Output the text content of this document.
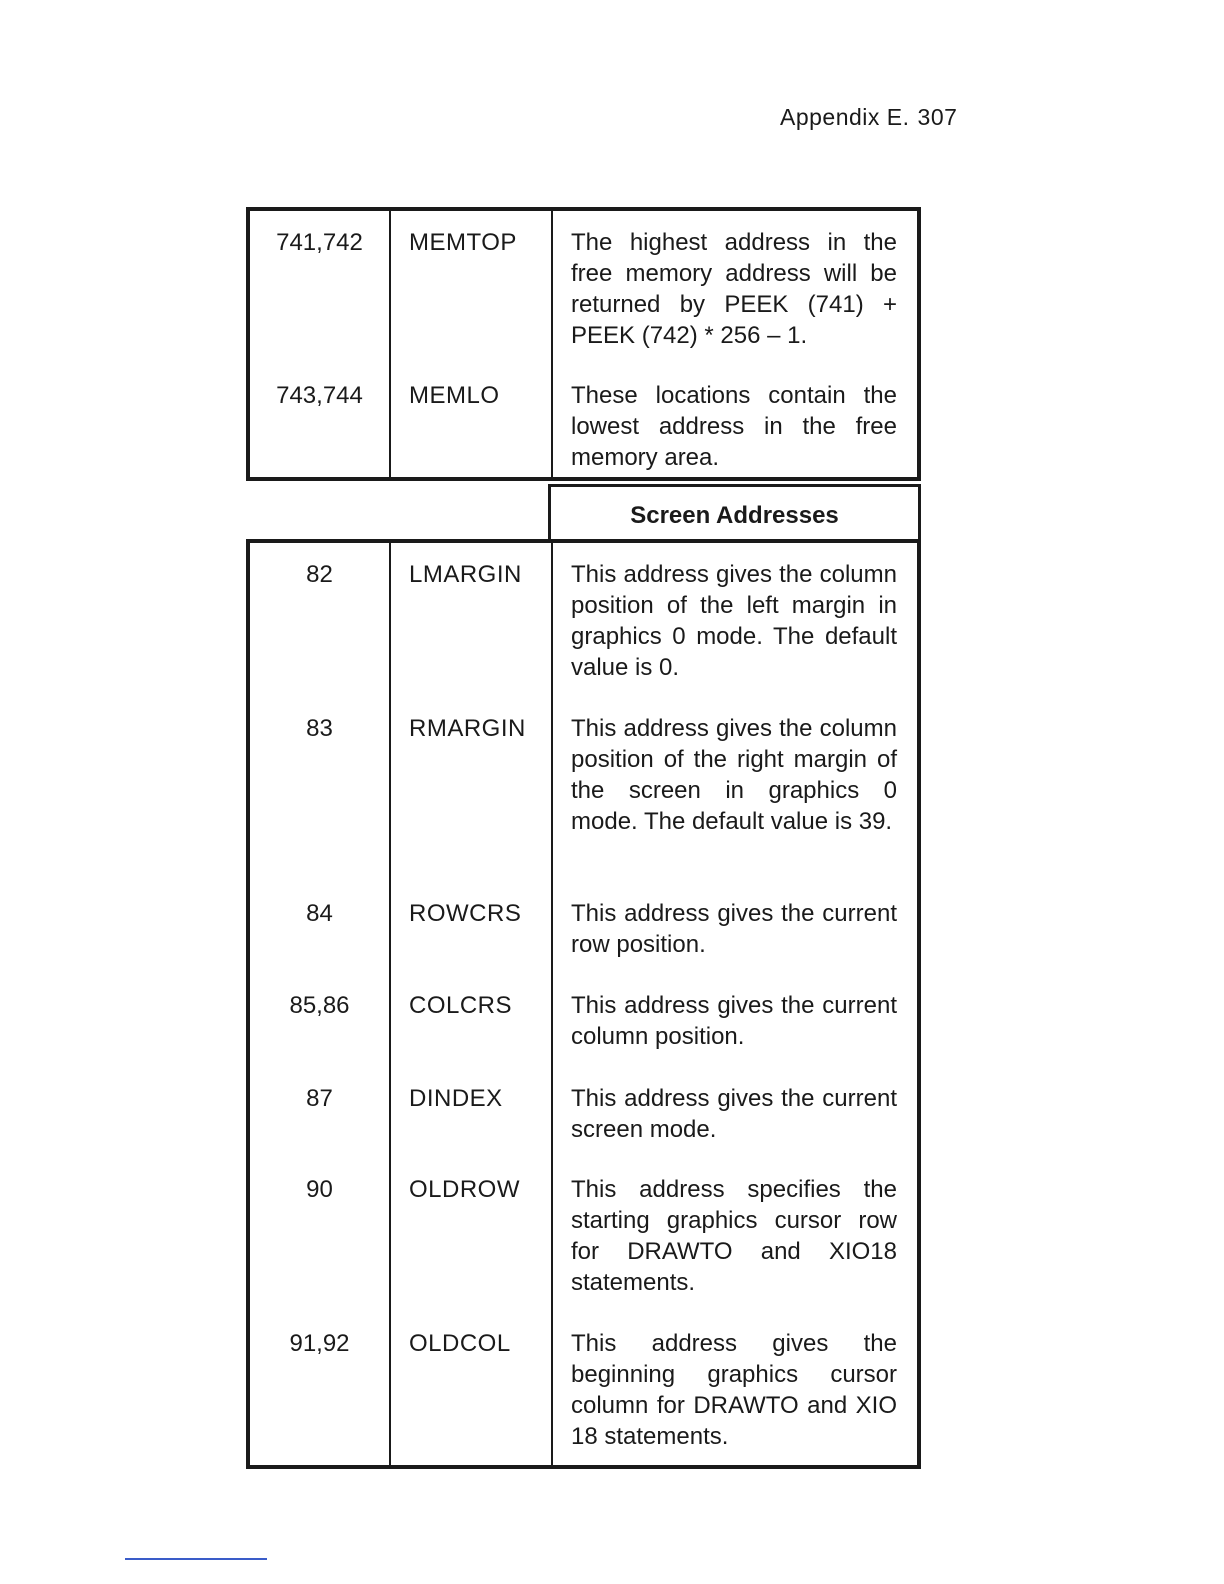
Appendix E. 307
741,742
743,744
MEMTOP
MEMLO
The highest address in the free memory address will be returned by PEEK (741) + PEEK (742) * 256 – 1.
These locations contain the lowest address in the free memory area.
Screen Addresses
82
83
84
85,86
87
90
91,92
LMARGIN
RMARGIN
ROWCRS
COLCRS
DINDEX
OLDROW
OLDCOL
This address gives the column position of the left margin in graphics 0 mode. The default value is 0.
This address gives the column position of the right margin of the screen in graphics 0 mode. The default value is 39.
This address gives the current row position.
This address gives the current column position.
This address gives the current screen mode.
This address specifies the starting graphics cursor row for DRAWTO and XIO18 statements.
This address gives the beginning graphics cursor column for DRAWTO and XIO 18 statements.
